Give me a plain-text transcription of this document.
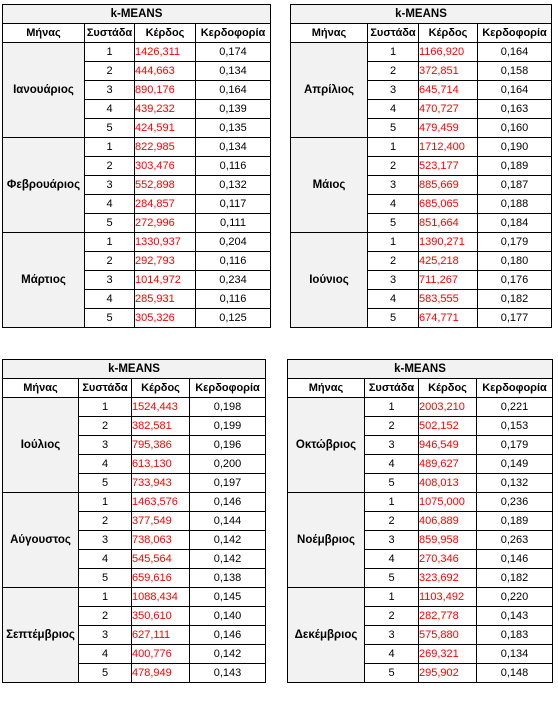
k-MEANS			
Μήνας	Συστάδα	Κέρδος	Κερδοφορία
Ιανουάριος	1	1426,311	0,174
	2	444,663	0,134
	3	890,176	0,164
	4	439,232	0,139
	5	424,591	0,135
Φεβρουάριος	1	822,985	0,134
	2	303,476	0,116
	3	552,898	0,132
	4	284,857	0,117
	5	272,996	0,111
Μάρτιος	1	1330,937	0,204
	2	292,793	0,116
	3	1014,972	0,234
	4	285,931	0,116
	5	305,326	0,125
k-MEANS			
Μήνας	Συστάδα	Κέρδος	Κερδοφορία
Απρίλιος	1	1166,920	0,164
	2	372,851	0,158
	3	645,714	0,164
	4	470,727	0,163
	5	479,459	0,160
Μάιος	1	1712,400	0,190
	2	523,177	0,189
	3	885,669	0,187
	4	685,065	0,188
	5	851,664	0,184
Ιούνιος	1	1390,271	0,179
	2	425,218	0,180
	3	711,267	0,176
	4	583,555	0,182
	5	674,771	0,177
k-MEANS			
Μήνας	Συστάδα	Κέρδος	Κερδοφορία
Ιούλιος	1	1524,443	0,198
	2	382,581	0,199
	3	795,386	0,196
	4	613,130	0,200
	5	733,943	0,197
Αύγουστος	1	1463,576	0,146
	2	377,549	0,144
	3	738,063	0,142
	4	545,564	0,142
	5	659,616	0,138
Σεπτέμβριος	1	1088,434	0,145
	2	350,610	0,140
	3	627,111	0,146
	4	400,776	0,142
	5	478,949	0,143
k-MEANS			
Μήνας	Συστάδα	Κέρδος	Κερδοφορία
Οκτώβριος	1	2003,210	0,221
	2	502,152	0,153
	3	946,549	0,179
	4	489,627	0,149
	5	408,013	0,132
Νοέμβριος	1	1075,000	0,236
	2	406,889	0,189
	3	859,958	0,263
	4	270,346	0,146
	5	323,692	0,182
Δεκέμβριος	1	1103,492	0,220
	2	282,778	0,143
	3	575,880	0,183
	4	269,321	0,134
	5	295,902	0,148
